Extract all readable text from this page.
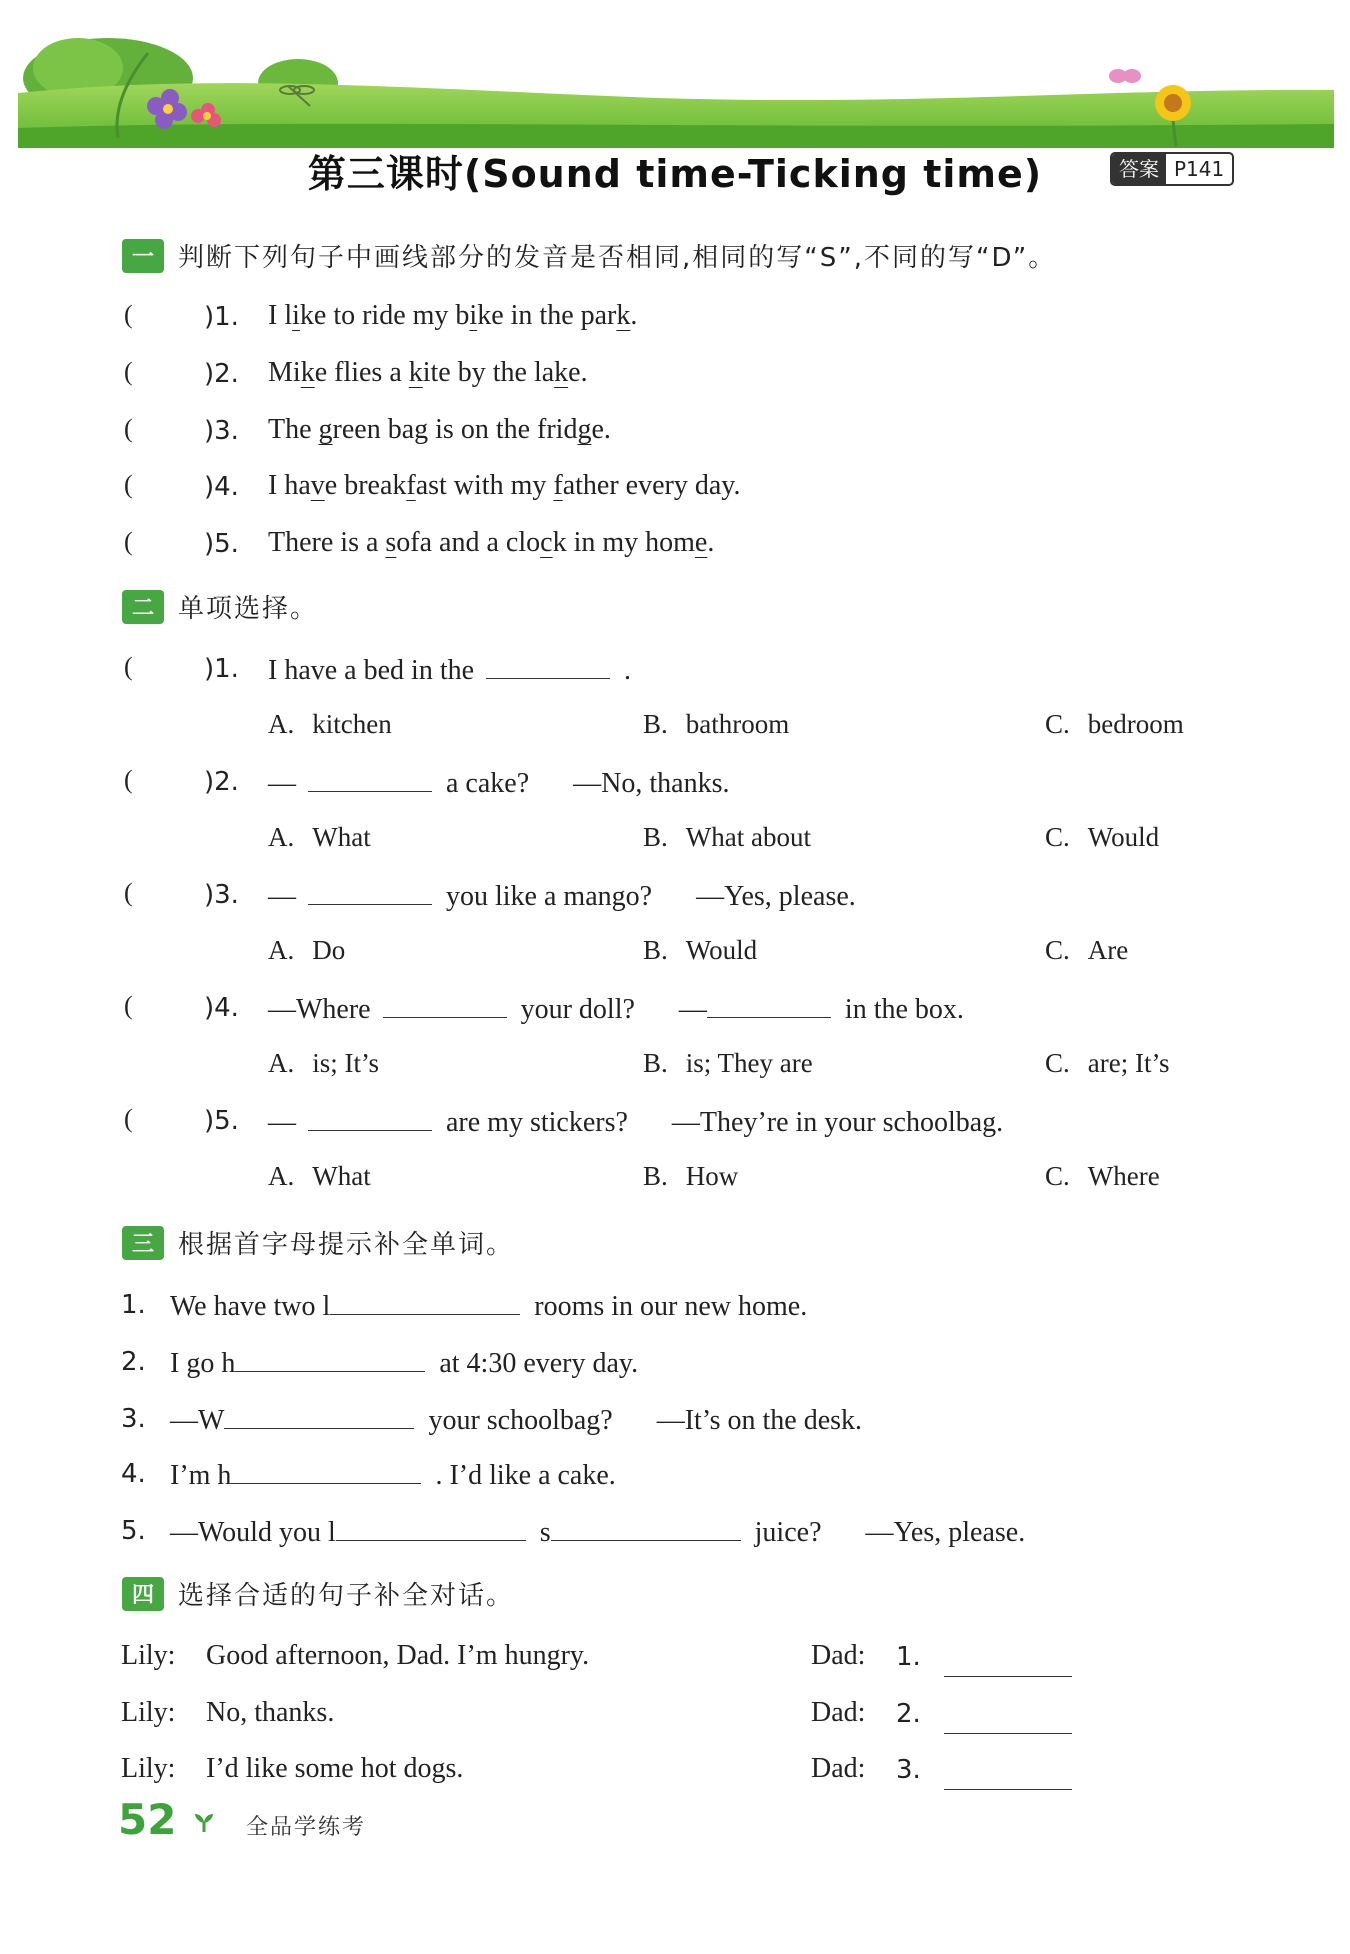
第三课时(Sound time-Ticking time)	答案 P141
一 判断下列句子中画线部分的发音是否相同,相同的写“S”,不同的写“D”。
(	)1. I like to ride my bike in the park.
(	)2. Mike flies a kite by the lake.
(	)3. The green bag is on the fridge.
(	)4. I have breakfast with my father every day.
(	)5. There is a sofa and a clock in my home.
二 单项选择。
(	)1. I have a bed in the	.
A. kitchen	B. bathroom	C. bedroom
(	)2. —	a cake? —No, thanks.
A. What	B. What about	C. Would
(	)3. —	you like a mango? —Yes, please.
A. Do	B. Would	C. Are
(	)4. —Where	your doll? —	in the box.
A. is; It’s	B. is; They are	C. are; It’s
(	)5. —	are my stickers? —They’re in your schoolbag.
A. What	B. How	C. Where
三 根据首字母提示补全单词。
1. We have two l	rooms in our new home.
2. I go h	at 4:30 every day.
3. —W	your schoolbag? —It’s on the desk.
4. I’m h	. I’d like a cake.
5. —Would you l	s	juice? —Yes, please.
四 选择合适的句子补全对话。
Lily: Good afternoon, Dad. I’m hungry.	Dad: 1.
Lily: No, thanks.	Dad: 2.
Lily: I’d like some hot dogs.	Dad: 3.
52	全品学练考
